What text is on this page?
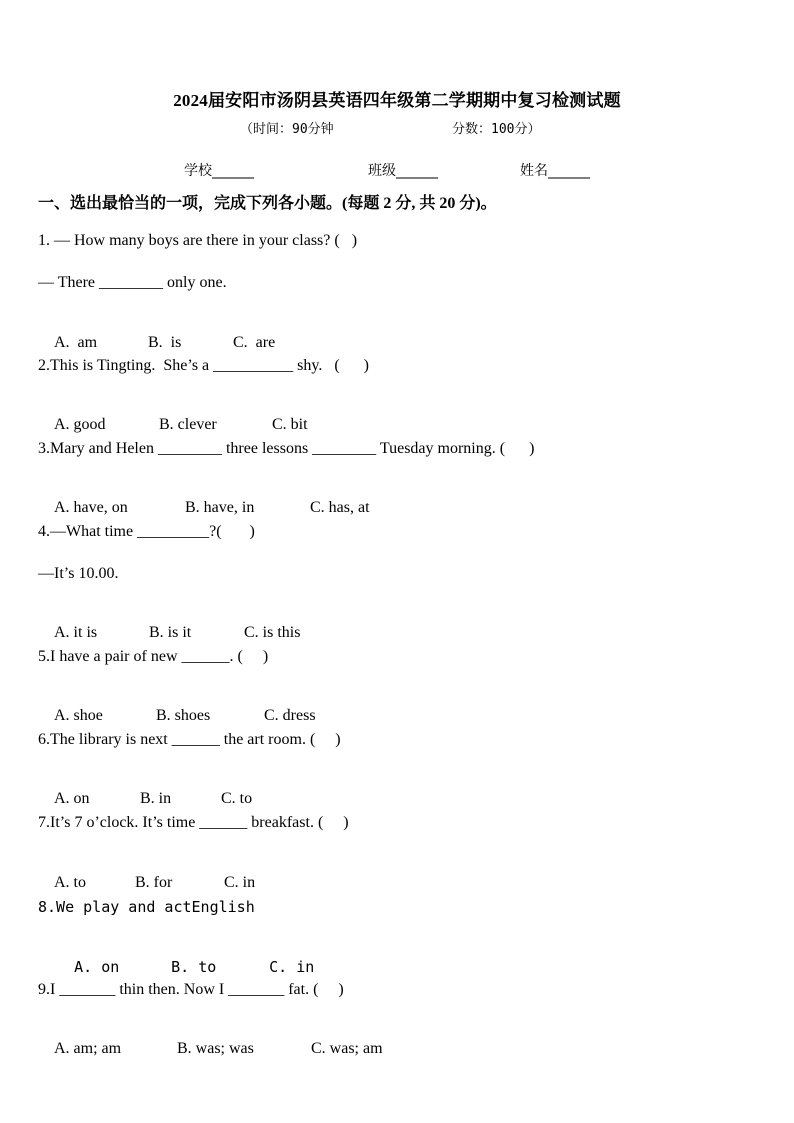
2024届安阳市汤阴县英语四年级第二学期期中复习检测试题
（时间：90分钟	分数：100分）
学校______	班级______	姓名______
一、选出最恰当的一项，完成下列各小题。(每题 2 分, 共 20 分)。
1. — How many boys are there in your class? (   )
— There ________ only one.

A.  am	B.  is	C.  are

2.This is Tingting.  She’s a __________ shy.   (      )

A. good	B. clever	C. bit

3.Mary and Helen ________ three lessons ________ Tuesday morning. (      )

A. have, on	B. have, in	C. has, at

4.—What time _________?(       )
—It’s 10.00.

A. it is	B. is it	C. is this

5.I have a pair of new ______. (     )

A. shoe	B. shoes	C. dress

6.The library is next ______ the art room. (     )

A. on	B. in	C. to

7.It’s 7 o’clock. It’s time ______ breakfast. (     )

A. to	B. for	C. in

8.We play and actEnglish

A. on	B. to	C. in

9.I _______ thin then. Now I _______ fat. (     )

A. am; am	B. was; was	C. was; am
